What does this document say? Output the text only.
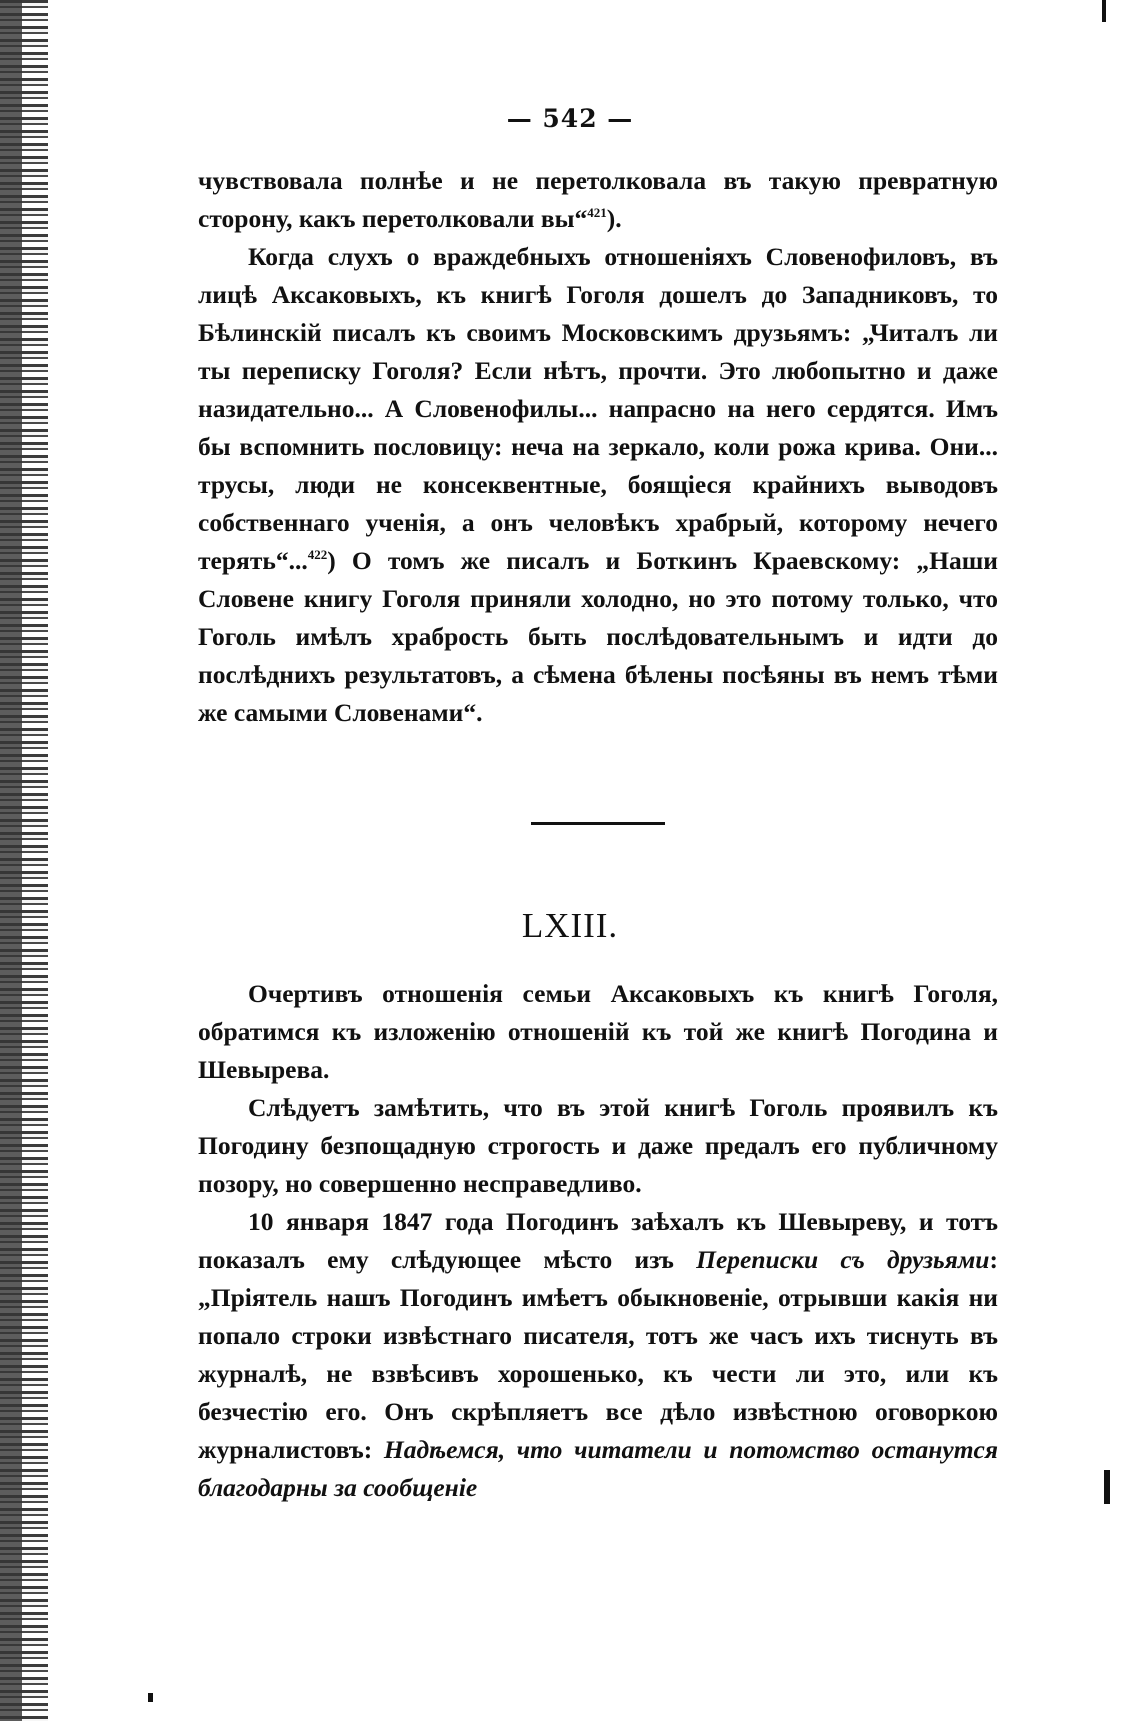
— 542 —

чувствовала полнѣе и не перетолковала въ такую превратную сторону, какъ перетолковали вы“$^{421}$).

Когда слухъ о враждебныхъ отношеніяхъ Словенофиловъ, въ лицѣ Аксаковыхъ, къ книгѣ Гоголя дошелъ до Западниковъ, то Бѣлинскій писалъ къ своимъ Московскимъ друзьямъ: „Читалъ ли ты переписку Гоголя? Если нѣтъ, прочти. Это любопытно и даже назидательно... А Словенофилы... напрасно на него сердятся. Имъ бы вспомнить пословицу: неча на зеркало, коли рожа крива. Они... трусы, люди не консеквентные, боящіеся крайнихъ выводовъ собственнаго ученія, а онъ человѣкъ храбрый, которому нечего терять“...$^{422}$) О томъ же писалъ и Боткинъ Краевскому: „Наши Словене книгу Гоголя приняли холодно, но это потому только, что Гоголь имѣлъ храбрость быть послѣдовательнымъ и идти до послѣднихъ результатовъ, а сѣмена бѣлены посѣяны въ немъ тѣми же самыми Словенами“.

LXIII.

Очертивъ отношенія семьи Аксаковыхъ къ книгѣ Гоголя, обратимся къ изложенію отношеній къ той же книгѣ Погодина и Шевырева.

Слѣдуетъ замѣтить, что въ этой книгѣ Гоголь проявилъ къ Погодину безпощадную строгость и даже предалъ его публичному позору, но совершенно несправедливо.

10 января 1847 года Погодинъ заѣхалъ къ Шевыреву, и тотъ показалъ ему слѣдующее мѣсто изъ Переписки съ друзьями: „Пріятель нашъ Погодинъ имѣетъ обыкновеніе, отрывши какія ни попало строки извѣстнаго писателя, тотъ же часъ ихъ тиснуть въ журналѣ, не взвѣсивъ хорошенько, къ чести ли это, или къ безчестію его. Онъ скрѣпляетъ все дѣло извѣстною оговоркою журналистовъ: Надѣемся, что читатели и потомство останутся благодарны за сообщеніе
